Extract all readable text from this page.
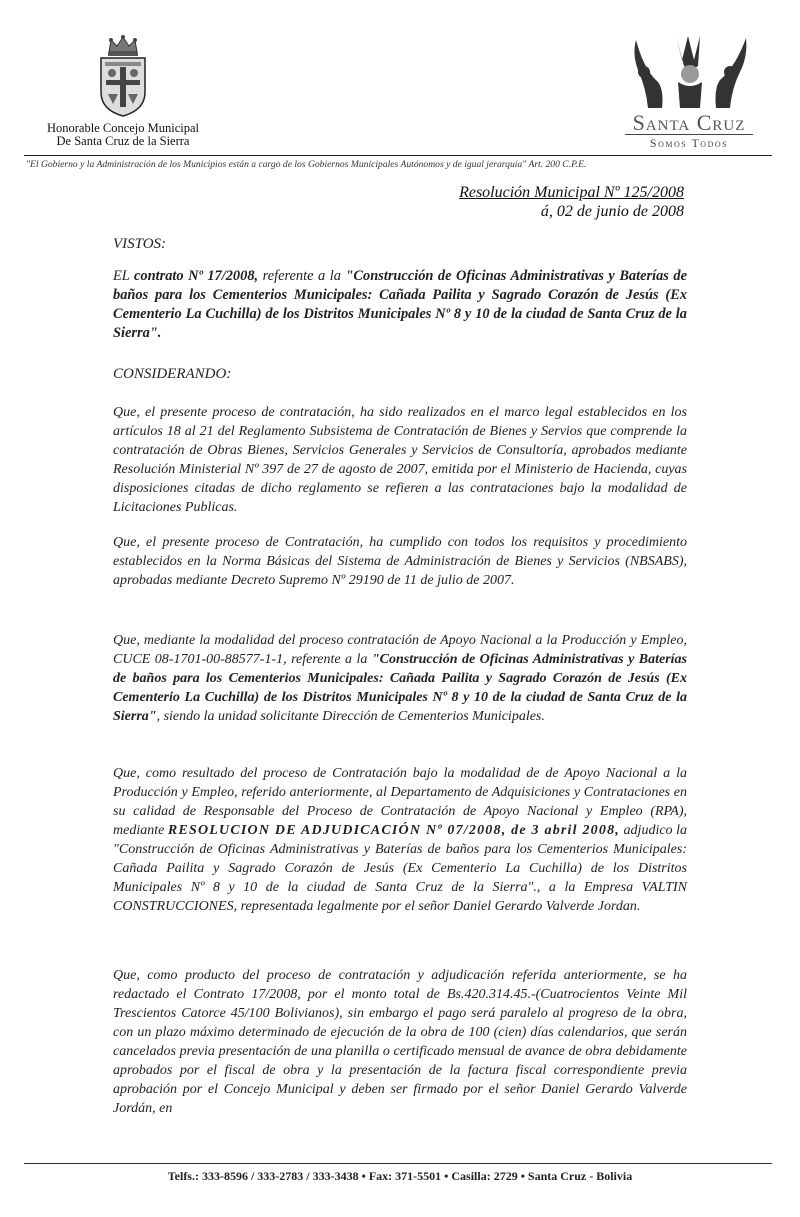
Honorable Concejo Municipal
De Santa Cruz de la Sierra
Santa Cruz
Somos Todos
"El Gobierno y la Administración de los Municipios están a cargo de los Gobiernos Municipales Autónomos y de igual jerarquía" Art. 200 C.P.E.
Resolución Municipal Nº 125/2008
á, 02 de junio de 2008
VISTOS:
EL contrato Nº 17/2008, referente a la "Construcción de Oficinas Administrativas y Baterías de baños para los Cementerios Municipales: Cañada Pailita y Sagrado Corazón de Jesús (Ex Cementerio La Cuchilla) de los Distritos Municipales Nº 8 y 10 de la ciudad de Santa Cruz de la Sierra".
CONSIDERANDO:
Que, el presente proceso de contratación, ha sido realizados en el marco legal establecidos en los artículos 18 al 21 del Reglamento Subsistema de Contratación de Bienes y Servios que comprende la contratación de Obras Bienes, Servicios Generales y Servicios de Consultoría, aprobados mediante Resolución Ministerial Nº 397 de 27 de agosto de 2007, emitida por el Ministerio de Hacienda, cuyas disposiciones citadas de dicho reglamento se refieren a las contrataciones bajo la modalidad de Licitaciones Publicas.
Que, el presente proceso de Contratación, ha cumplido con todos los requisitos y procedimiento establecidos en la Norma Básicas del Sistema de Administración de Bienes y Servicios (NBSABS), aprobadas mediante Decreto Supremo Nº 29190 de 11 de julio de 2007.
Que, mediante la modalidad del proceso contratación de Apoyo Nacional a la Producción y Empleo, CUCE 08-1701-00-88577-1-1, referente a la "Construcción de Oficinas Administrativas y Baterías de baños para los Cementerios Municipales: Cañada Pailita y Sagrado Corazón de Jesús (Ex Cementerio La Cuchilla) de los Distritos Municipales Nº 8 y 10 de la ciudad de Santa Cruz de la Sierra", siendo la unidad solicitante Dirección de Cementerios Municipales.
Que, como resultado del proceso de Contratación bajo la modalidad de de Apoyo Nacional a la Producción y Empleo, referido anteriormente, al Departamento de Adquisiciones y Contrataciones en su calidad de Responsable del Proceso de Contratación de Apoyo Nacional y Empleo (RPA), mediante RESOLUCION DE ADJUDICACIÓN Nº 07/2008, de 3 abril 2008, adjudico la "Construcción de Oficinas Administrativas y Baterías de baños para los Cementerios Municipales: Cañada Pailita y Sagrado Corazón de Jesús (Ex Cementerio La Cuchilla) de los Distritos Municipales Nº 8 y 10 de la ciudad de Santa Cruz de la Sierra"., a la Empresa VALTIN CONSTRUCCIONES, representada legalmente por el señor Daniel Gerardo Valverde Jordan.
Que, como producto del proceso de contratación y adjudicación referida anteriormente, se ha redactado el Contrato 17/2008, por el monto total de Bs.420.314.45.-(Cuatrocientos Veinte Mil Trescientos Catorce 45/100 Bolivianos), sin embargo el pago será paralelo al progreso de la obra, con un plazo máximo determinado de ejecución de la obra de 100 (cien) días calendarios, que serán cancelados previa presentación de una planilla o certificado mensual de avance de obra debidamente aprobados por el fiscal de obra y la presentación de la factura fiscal correspondiente previa aprobación por el Concejo Municipal y deben ser firmado por el señor Daniel Gerardo Valverde Jordán, en
Telfs.: 333-8596 / 333-2783 / 333-3438 • Fax: 371-5501 • Casilla: 2729 • Santa Cruz - Bolivia
